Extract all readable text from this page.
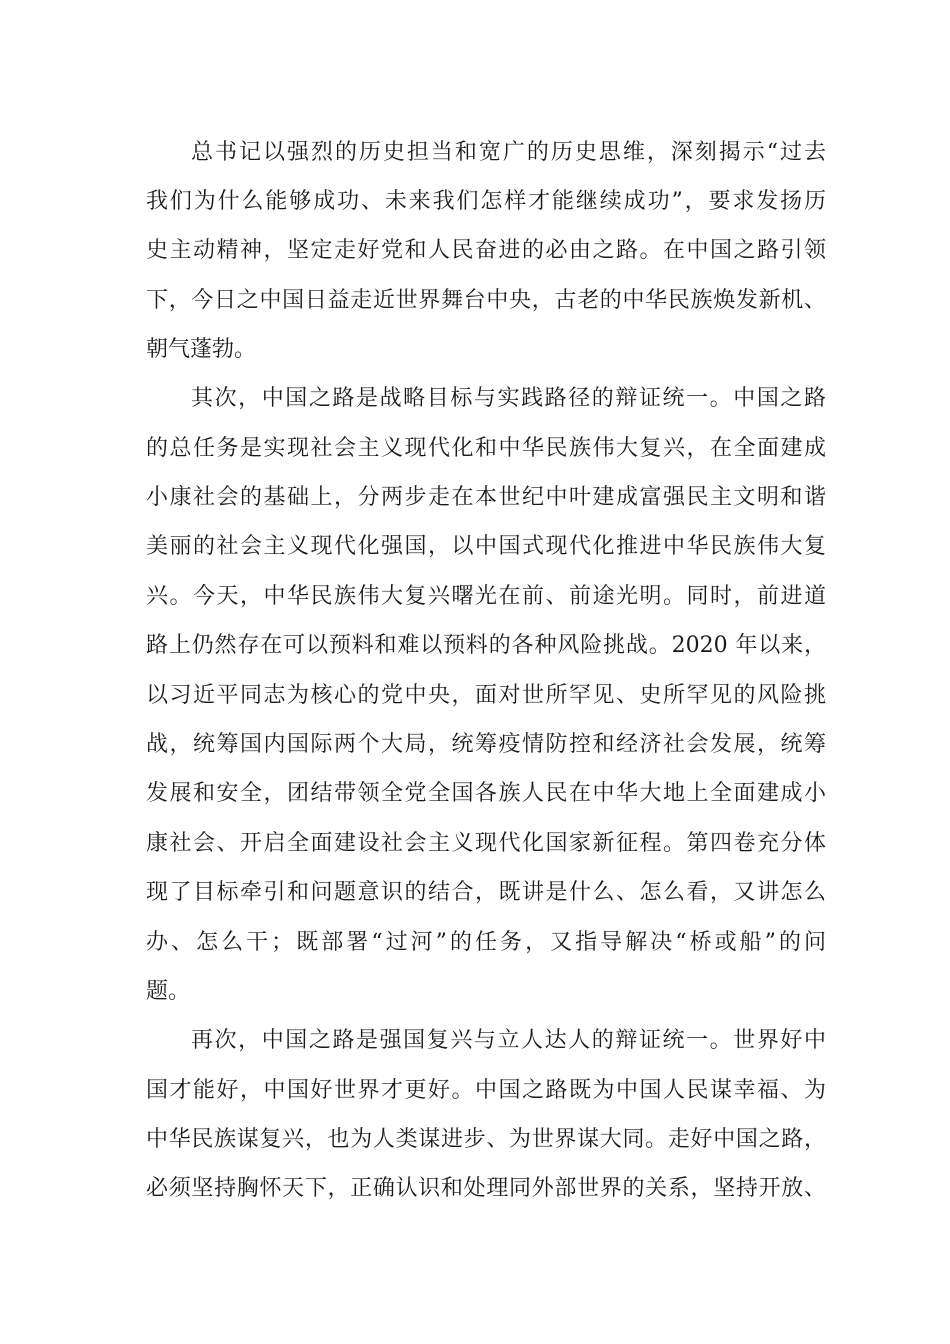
总书记以强烈的历史担当和宽广的历史思维，深刻揭示“过去
我们为什么能够成功、未来我们怎样才能继续成功”，要求发扬历
史主动精神，坚定走好党和人民奋进的必由之路。在中国之路引领
下，今日之中国日益走近世界舞台中央，古老的中华民族焕发新机、
朝气蓬勃。
其次，中国之路是战略目标与实践路径的辩证统一。中国之路
的总任务是实现社会主义现代化和中华民族伟大复兴，在全面建成
小康社会的基础上，分两步走在本世纪中叶建成富强民主文明和谐
美丽的社会主义现代化强国，以中国式现代化推进中华民族伟大复
兴。今天，中华民族伟大复兴曙光在前、前途光明。同时，前进道
路上仍然存在可以预料和难以预料的各种风险挑战。2020 年以来，
以习近平同志为核心的党中央，面对世所罕见、史所罕见的风险挑
战，统筹国内国际两个大局，统筹疫情防控和经济社会发展，统筹
发展和安全，团结带领全党全国各族人民在中华大地上全面建成小
康社会、开启全面建设社会主义现代化国家新征程。第四卷充分体
现了目标牵引和问题意识的结合，既讲是什么、怎么看，又讲怎么
办、怎么干；既部署“过河”的任务，又指导解决“桥或船”的问
题。
再次，中国之路是强国复兴与立人达人的辩证统一。世界好中
国才能好，中国好世界才更好。中国之路既为中国人民谋幸福、为
中华民族谋复兴，也为人类谋进步、为世界谋大同。走好中国之路，
必须坚持胸怀天下，正确认识和处理同外部世界的关系，坚持开放、
